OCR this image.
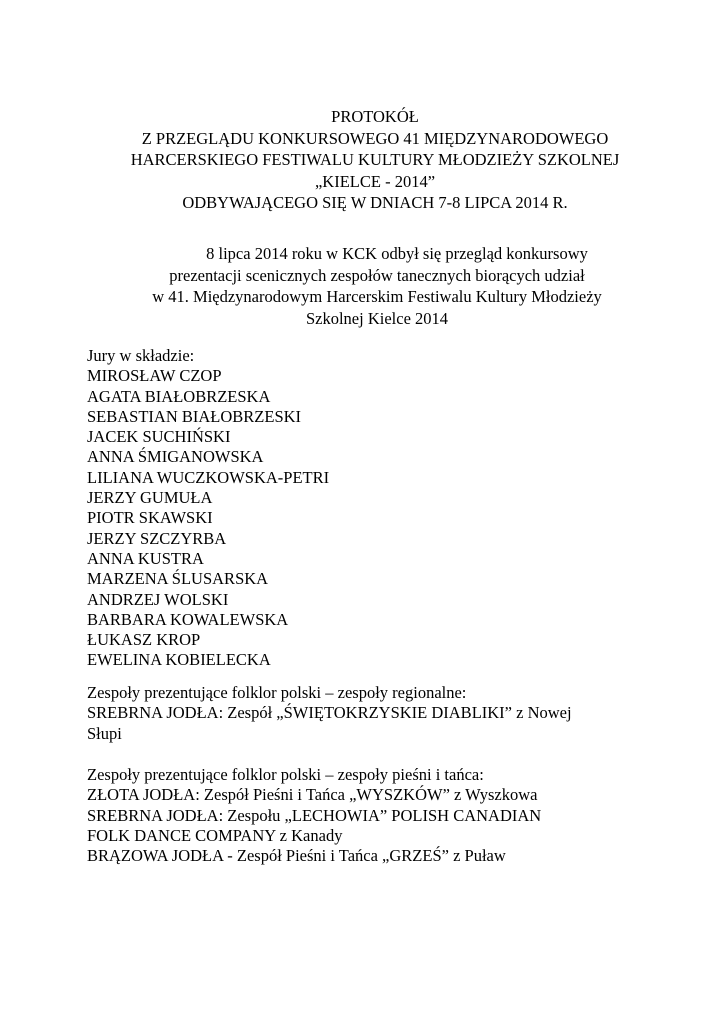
PROTOKÓŁ
Z PRZEGLĄDU KONKURSOWEGO 41 MIĘDZYNARODOWEGO
HARCERSKIEGO FESTIWALU KULTURY MŁODZIEŻY SZKOLNEJ
„KIELCE - 2014”
ODBYWAJĄCEGO SIĘ W DNIACH 7-8 LIPCA 2014 R.
8 lipca 2014 roku w KCK odbył się przegląd konkursowy
prezentacji scenicznych zespołów tanecznych biorących udział
w 41. Międzynarodowym Harcerskim Festiwalu Kultury Młodzieży
Szkolnej Kielce 2014
Jury w składzie:
MIROSŁAW CZOP
AGATA BIAŁOBRZESKA
SEBASTIAN BIAŁOBRZESKI
JACEK SUCHIŃSKI
ANNA ŚMIGANOWSKA
LILIANA WUCZKOWSKA-PETRI
JERZY GUMUŁA
PIOTR SKAWSKI
JERZY SZCZYRBA
ANNA KUSTRA
MARZENA ŚLUSARSKA
ANDRZEJ WOLSKI
BARBARA KOWALEWSKA
ŁUKASZ KROP
EWELINA KOBIELECKA
Zespoły prezentujące folklor polski – zespoły regionalne:
SREBRNA JODŁA: Zespół „ŚWIĘTOKRZYSKIE DIABLIKI” z Nowej
Słupi
Zespoły prezentujące folklor polski – zespoły pieśni i tańca:
ZŁOTA JODŁA: Zespół Pieśni i Tańca „WYSZKÓW” z Wyszkowa
SREBRNA JODŁA: Zespołu „LECHOWIA” POLISH CANADIAN
FOLK DANCE COMPANY z Kanady
BRĄZOWA JODŁA - Zespół Pieśni i Tańca „GRZEŚ” z Puław
